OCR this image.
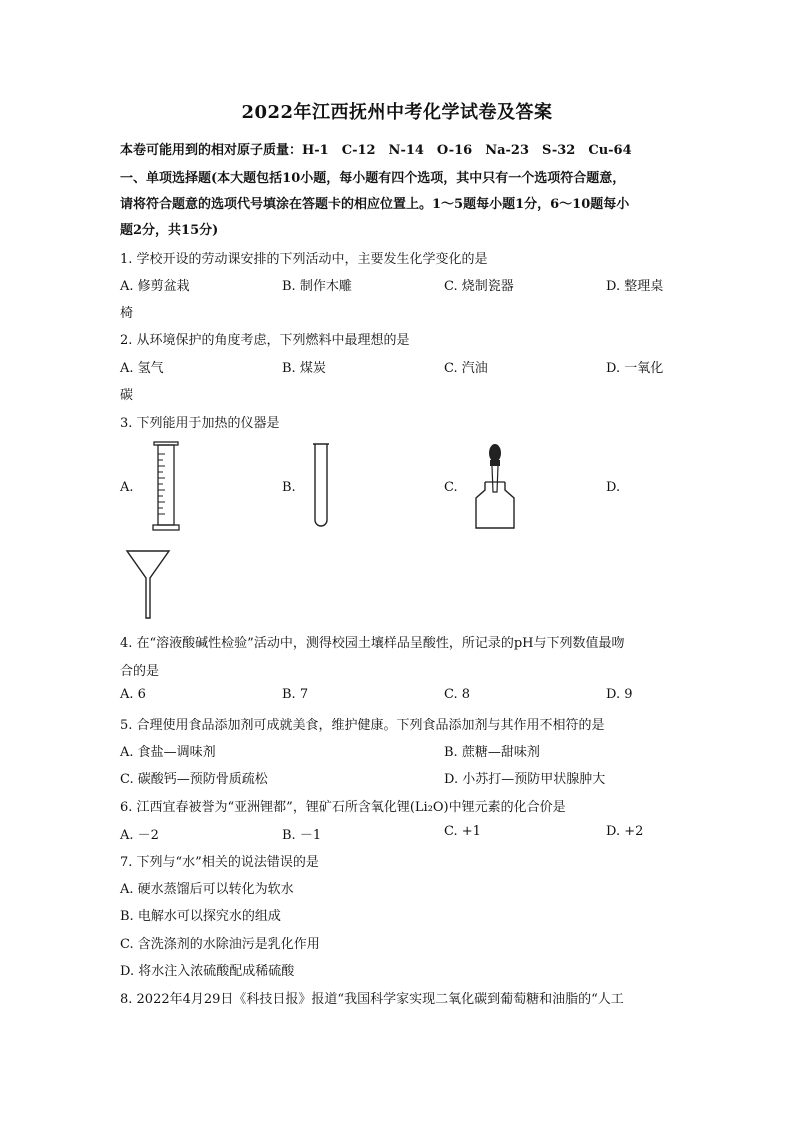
2022年江西抚州中考化学试卷及答案
本卷可能用到的相对原子质量：H-1　C-12　N-14　O-16　Na-23　S-32　Cu-64
一、单项选择题(本大题包括10小题，每小题有四个选项，其中只有一个选项符合题意，
请将符合题意的选项代号填涂在答题卡的相应位置上。1～5题每小题1分，6～10题每小
题2分，共15分)
1. 学校开设的劳动课安排的下列活动中，主要发生化学变化的是
A. 修剪盆栽	B. 制作木雕	C. 烧制瓷器	D. 整理桌
椅
2. 从环境保护的角度考虑，下列燃料中最理想的是
A. 氢气	B. 煤炭	C. 汽油	D. 一氧化
碳
3. 下列能用于加热的仪器是
A.	B.	C.	D.
4. 在“溶液酸碱性检验”活动中，测得校园土壤样品呈酸性，所记录的pH与下列数值最吻
合的是
A. 6	B. 7	C. 8	D. 9
5. 合理使用食品添加剂可成就美食，维护健康。下列食品添加剂与其作用不相符的是
A. 食盐—调味剂	B. 蔗糖—甜味剂
C. 碳酸钙—预防骨质疏松	D. 小苏打—预防甲状腺肿大
6. 江西宜春被誉为“亚洲锂都”，锂矿石所含氧化锂(Li₂O)中锂元素的化合价是
A. －2	B. －1	C. +1	D. +2
7. 下列与“水”相关的说法错误的是
A. 硬水蒸馏后可以转化为软水
B. 电解水可以探究水的组成
C. 含洗涤剂的水除油污是乳化作用
D. 将水注入浓硫酸配成稀硫酸
8. 2022年4月29日《科技日报》报道“我国科学家实现二氧化碳到葡萄糖和油脂的“人工
